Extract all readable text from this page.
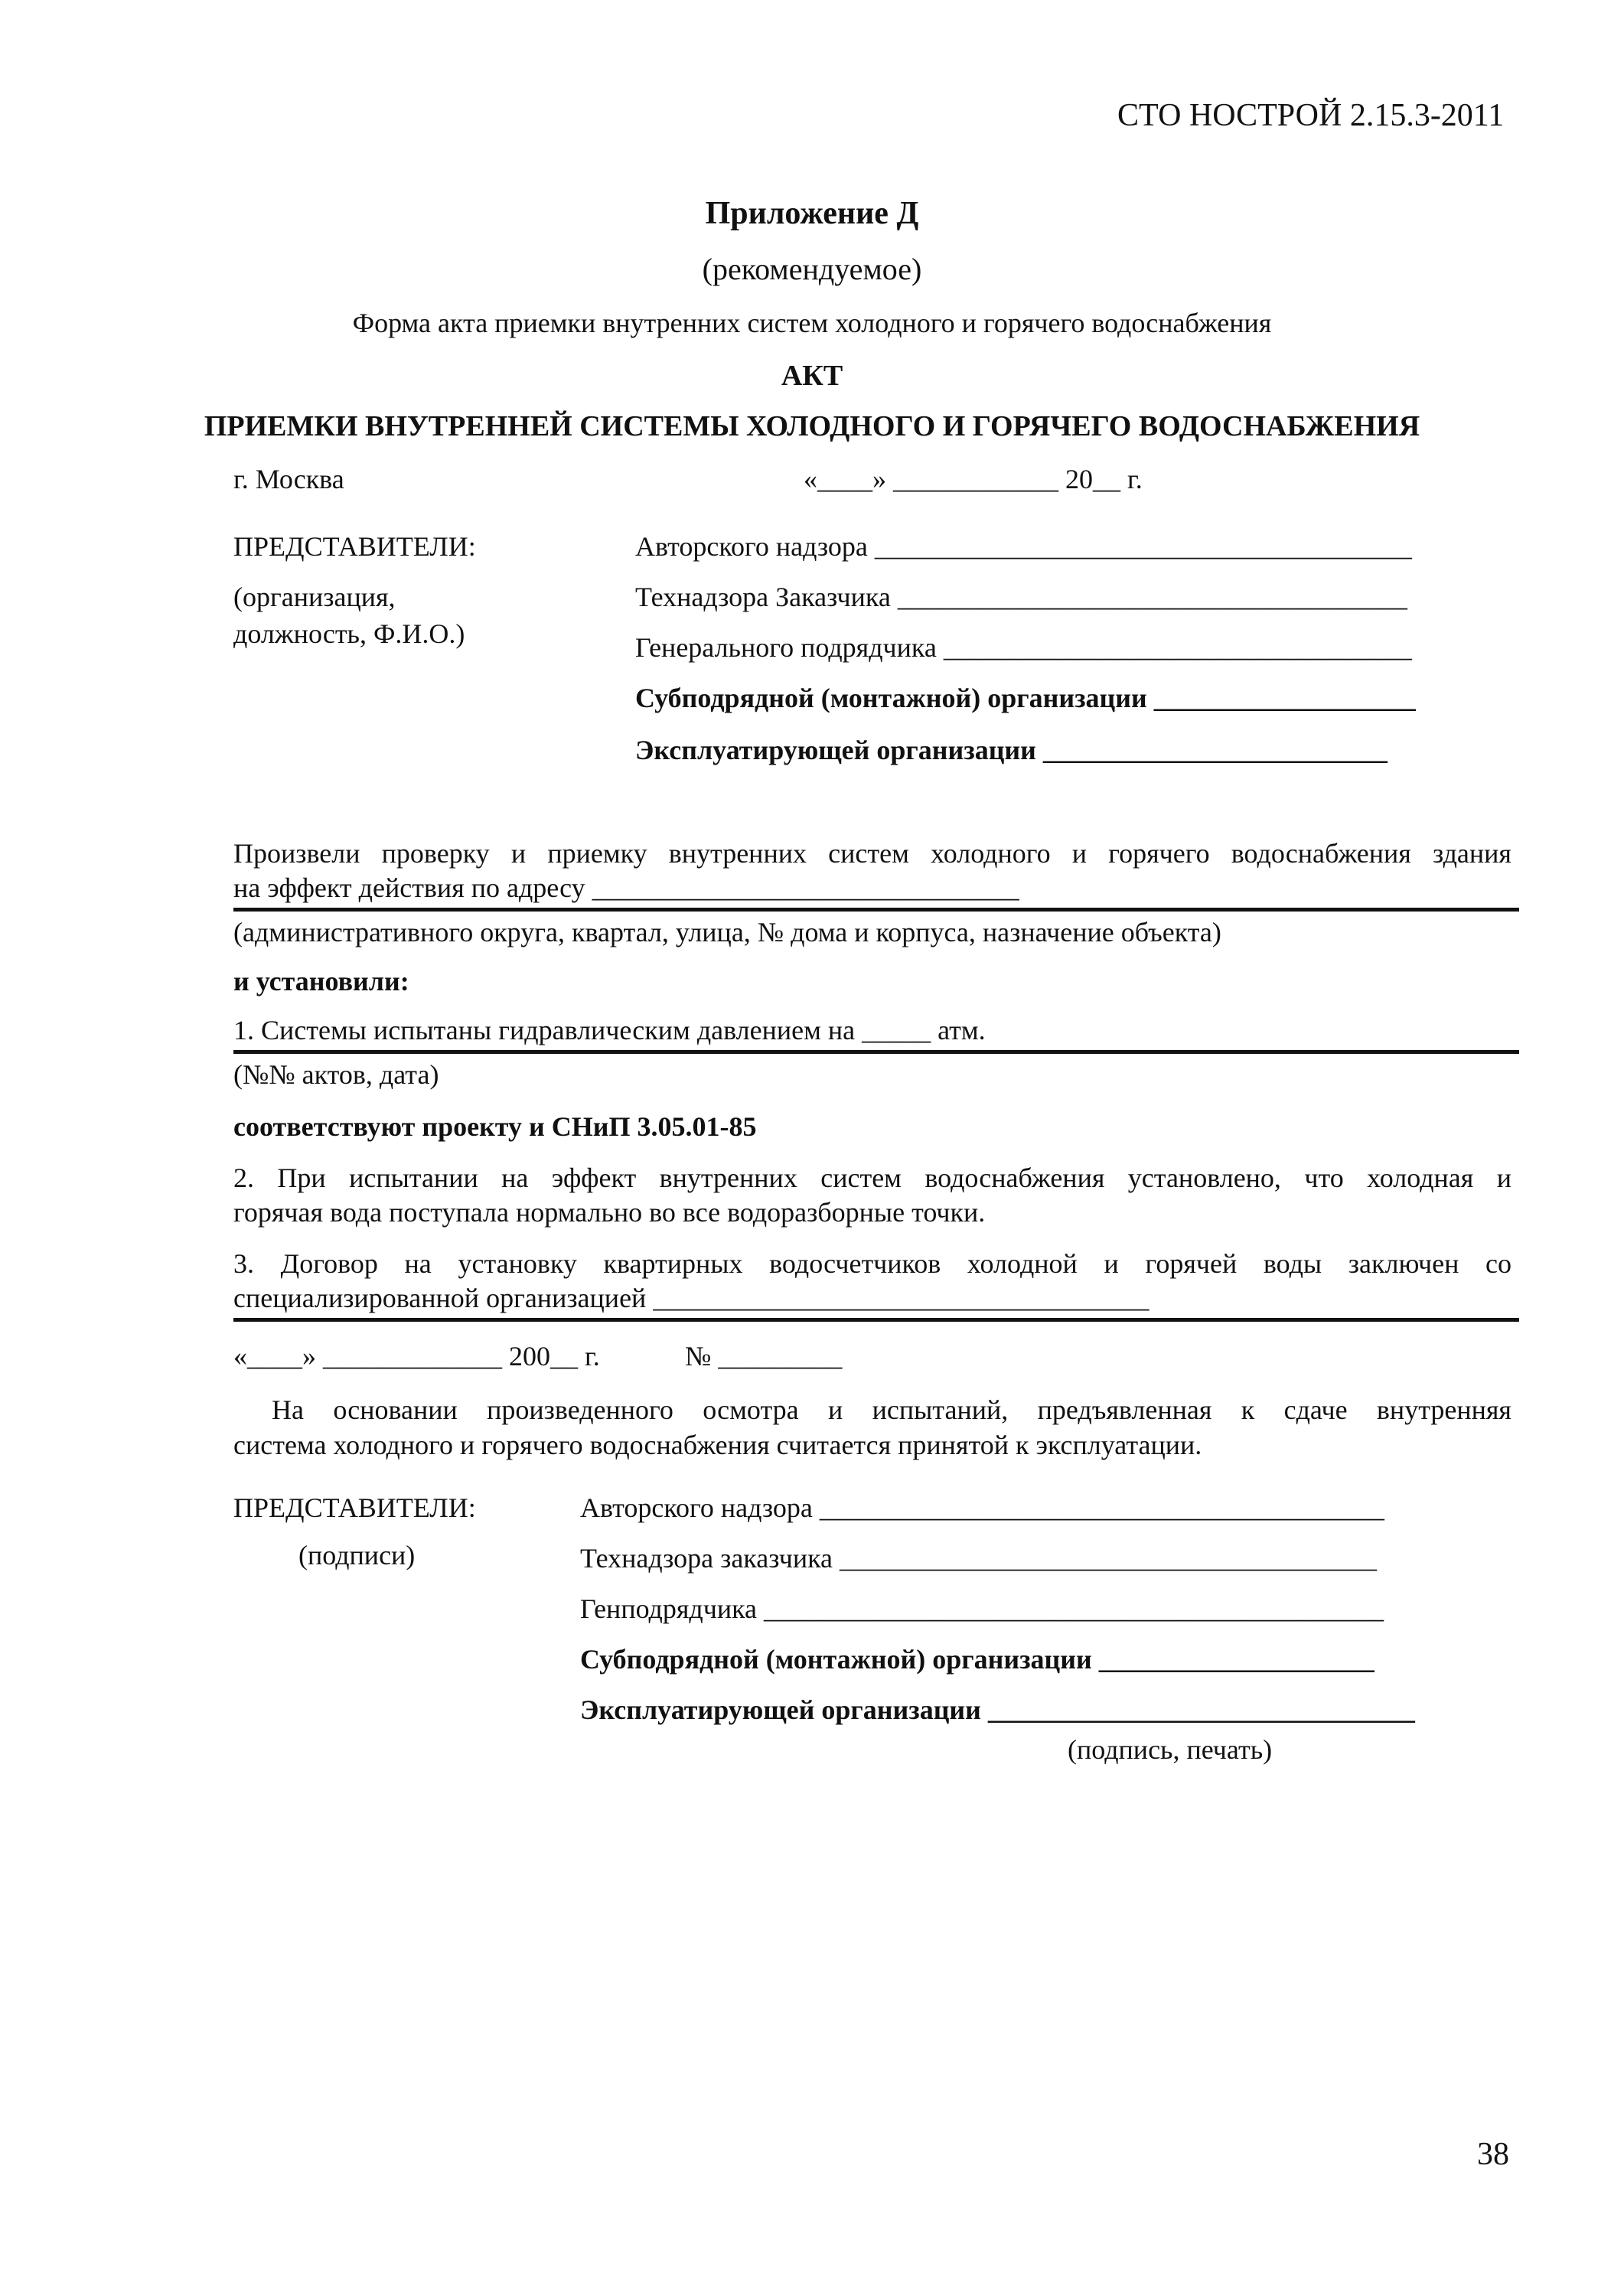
СТО НОСТРОЙ 2.15.3-2011
Приложение Д
(рекомендуемое)
Форма акта приемки внутренних систем холодного и горячего водоснабжения
АКТ
ПРИЕМКИ ВНУТРЕННЕЙ СИСТЕМЫ ХОЛОДНОГО И ГОРЯЧЕГО ВОДОСНАБЖЕНИЯ
г. Москва	«____» ____________ 20__ г.
ПРЕДСТАВИТЕЛИ:
(организация,
должность, Ф.И.О.)
Авторского надзора _______________________________________
Технадзора Заказчика _____________________________________
Генерального подрядчика __________________________________
Субподрядной (монтажной) организации ___________________
Эксплуатирующей организации _________________________
Произвели проверку и приемку внутренних систем холодного и горячего водоснабжения здания
на эффект действия по адресу _______________________________
(административного округа, квартал, улица, № дома и корпуса, назначение объекта)
и установили:
1. Системы испытаны гидравлическим давлением на _____ атм.
(№№ актов, дата)
соответствуют проекту и СНиП 3.05.01-85
2. При испытании на эффект внутренних систем водоснабжения установлено, что холодная и
горячая вода поступала нормально во все водоразборные точки.
3. Договор на установку квартирных водосчетчиков холодной и горячей воды заключен со
специализированной организацией ____________________________________
«____» _____________ 200__ г.	№ _________
На основании произведенного осмотра и испытаний, предъявленная к сдаче внутренняя
система холодного и горячего водоснабжения считается принятой к эксплуатации.
ПРЕДСТАВИТЕЛИ:
(подписи)
Авторского надзора _________________________________________
Технадзора заказчика _______________________________________
Генподрядчика _____________________________________________
Субподрядной (монтажной) организации ____________________
Эксплуатирующей организации _______________________________
(подпись, печать)
38
